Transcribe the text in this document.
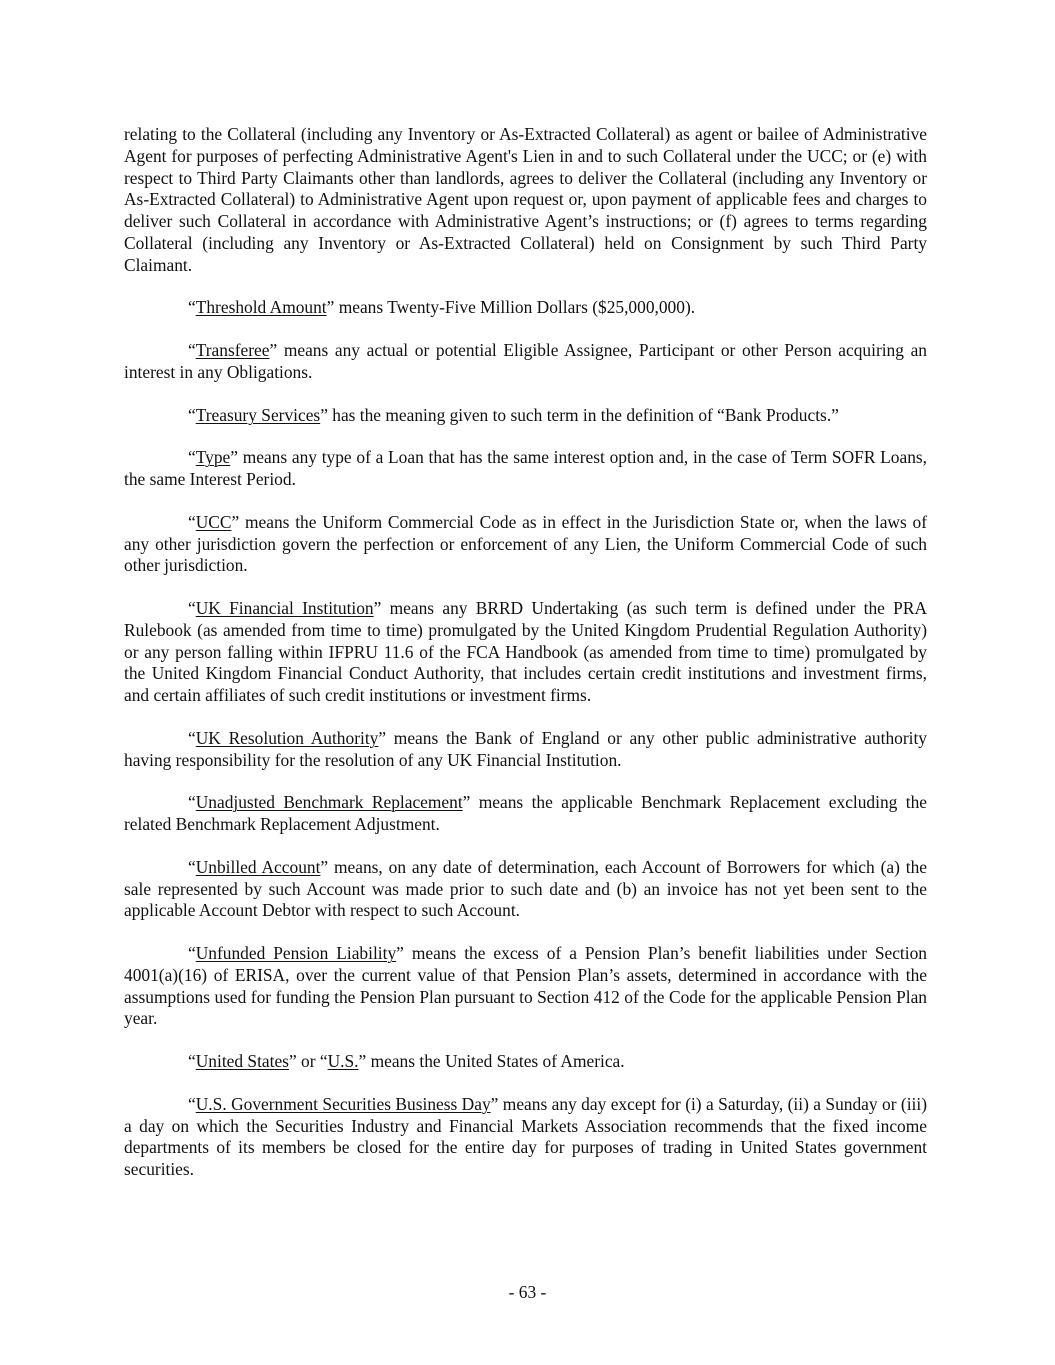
relating to the Collateral (including any Inventory or As-Extracted Collateral) as agent or bailee of Administrative Agent for purposes of perfecting Administrative Agent's Lien in and to such Collateral under the UCC; or (e) with respect to Third Party Claimants other than landlords, agrees to deliver the Collateral (including any Inventory or As-Extracted Collateral) to Administrative Agent upon request or, upon payment of applicable fees and charges to deliver such Collateral in accordance with Administrative Agent’s instructions; or (f) agrees to terms regarding Collateral (including any Inventory or As-Extracted Collateral) held on Consignment by such Third Party Claimant.

“Threshold Amount” means Twenty-Five Million Dollars ($25,000,000).

“Transferee” means any actual or potential Eligible Assignee, Participant or other Person acquiring an interest in any Obligations.

“Treasury Services” has the meaning given to such term in the definition of “Bank Products.”

“Type” means any type of a Loan that has the same interest option and, in the case of Term SOFR Loans, the same Interest Period.

“UCC” means the Uniform Commercial Code as in effect in the Jurisdiction State or, when the laws of any other jurisdiction govern the perfection or enforcement of any Lien, the Uniform Commercial Code of such other jurisdiction.

“UK Financial Institution” means any BRRD Undertaking (as such term is defined under the PRA Rulebook (as amended from time to time) promulgated by the United Kingdom Prudential Regulation Authority) or any person falling within IFPRU 11.6 of the FCA Handbook (as amended from time to time) promulgated by the United Kingdom Financial Conduct Authority, that includes certain credit institutions and investment firms, and certain affiliates of such credit institutions or investment firms.

“UK Resolution Authority” means the Bank of England or any other public administrative authority having responsibility for the resolution of any UK Financial Institution.

“Unadjusted Benchmark Replacement” means the applicable Benchmark Replacement excluding the related Benchmark Replacement Adjustment.

“Unbilled Account” means, on any date of determination, each Account of Borrowers for which (a) the sale represented by such Account was made prior to such date and (b) an invoice has not yet been sent to the applicable Account Debtor with respect to such Account.

“Unfunded Pension Liability” means the excess of a Pension Plan’s benefit liabilities under Section 4001(a)(16) of ERISA, over the current value of that Pension Plan’s assets, determined in accordance with the assumptions used for funding the Pension Plan pursuant to Section 412 of the Code for the applicable Pension Plan year.

“United States” or “U.S.” means the United States of America.

“U.S. Government Securities Business Day” means any day except for (i) a Saturday, (ii) a Sunday or (iii) a day on which the Securities Industry and Financial Markets Association recommends that the fixed income departments of its members be closed for the entire day for purposes of trading in United States government securities.

- 63 -
